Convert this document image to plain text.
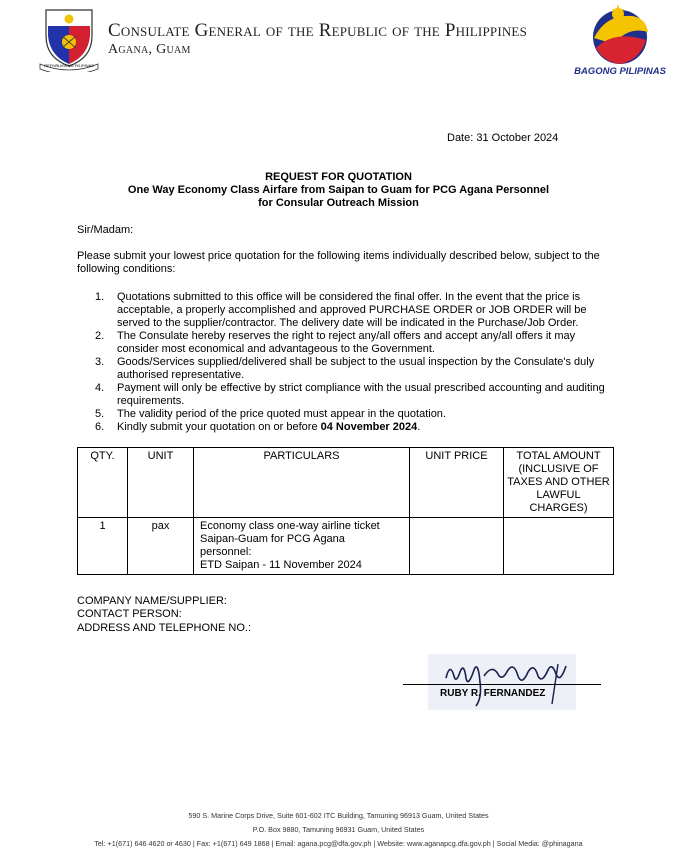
REPUBLIKA NG PILIPINAS
Consulate General of the Republic of the Philippines
Agana, Guam
BAGONG PILIPINAS
Date: 31 October 2024
REQUEST FOR QUOTATION
One Way Economy Class Airfare from Saipan to Guam for PCG Agana Personnel
for Consular Outreach Mission
Sir/Madam:
Please submit your lowest price quotation for the following items individually described below, subject to the following conditions:
1. Quotations submitted to this office will be considered the final offer. In the event that the price is acceptable, a properly accomplished and approved PURCHASE ORDER or JOB ORDER will be served to the supplier/contractor. The delivery date will be indicated in the Purchase/Job Order.
2. The Consulate hereby reserves the right to reject any/all offers and accept any/all offers it may consider most economical and advantageous to the Government.
3. Goods/Services supplied/delivered shall be subject to the usual inspection by the Consulate's duly authorised representative.
4. Payment will only be effective by strict compliance with the usual prescribed accounting and auditing requirements.
5. The validity period of the price quoted must appear in the quotation.
6. Kindly submit your quotation on or before 04 November 2024.
QTY.	UNIT	PARTICULARS	UNIT PRICE	TOTAL AMOUNT (INCLUSIVE OF TAXES AND OTHER LAWFUL CHARGES)
1	pax	Economy class one-way airline ticket
Saipan-Guam for PCG Agana
personnel:
ETD Saipan - 11 November 2024		

COMPANY NAME/SUPPLIER:
CONTACT PERSON:
ADDRESS AND TELEPHONE NO.:
RUBY R. FERNANDEZ
590 S. Marine Corps Drive, Suite 601-602 ITC Building, Tamuning 96913 Guam, United States
P.O. Box 9880, Tamuning 96931 Guam, United States
Tel: +1(671) 646 4620 or 4630 | Fax: +1(671) 649 1868 | Email: agana.pcg@dfa.gov.ph | Website: www.aganapcg.dfa.gov.ph | Social Media: @phinagana
